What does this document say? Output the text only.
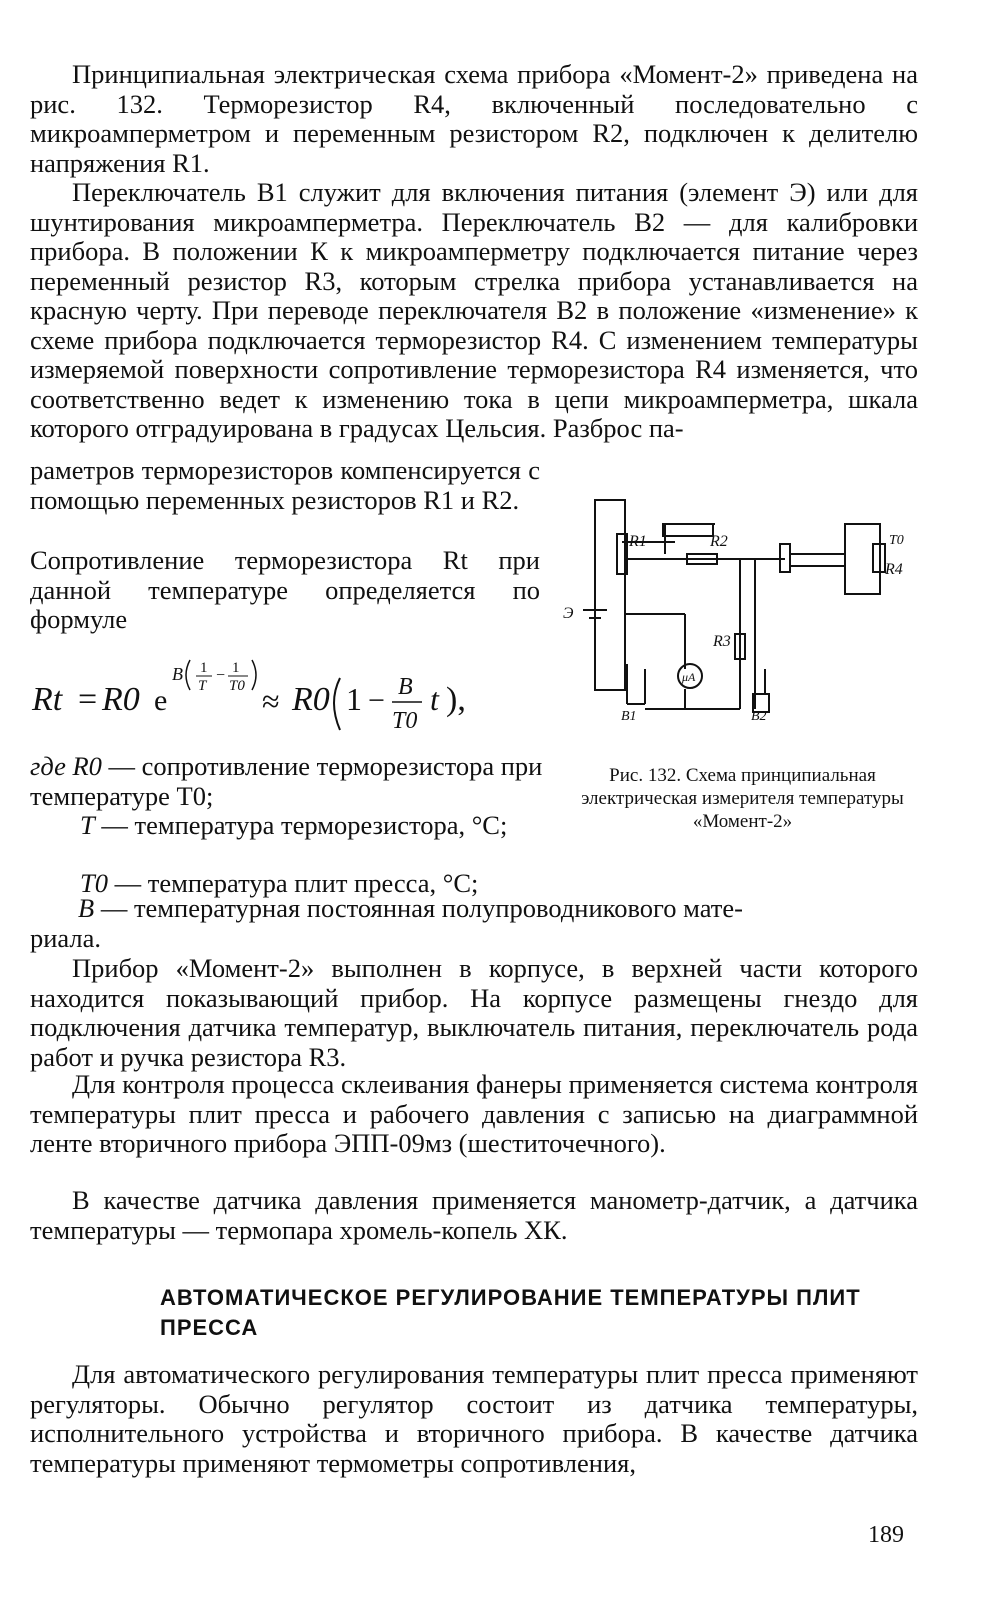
Принципиальная электрическая схема прибора «Момент-2» приведена на рис. 132. Терморезистор R4, включенный последовательно с микроамперметром и переменным резистором R2, подключен к делителю напряжения R1.

Переключатель B1 служит для включения питания (элемент Э) или для шунтирования микроамперметра. Переключатель B2 — для калибровки прибора. В положении К к микроамперметру подключается питание через переменный резистор R3, которым стрелка прибора устанавливается на красную черту. При переводе переключателя B2 в положение «изменение» к схеме прибора подключается терморезистор R4. С изменением температуры измеряемой поверхности сопротивление терморезистора R4 изменяется, что соответственно ведет к изменению тока в цепи микроамперметра, шкала которого отградуирована в градусах Цельсия. Разброс па-

раметров терморезисторов компенсируется с помощью переменных резисторов R1 и R2.

Сопротивление терморезистора Rt при данной температуре определяется по формуле

Rt = R0 e
B 1
T
− 1
T0 ≈ R0 1 − B
T0
t ),
где R0 — сопротивление терморезистора при температуре T0;
T — температура терморезистора, °С;
T0 — температура плит пресса, °С;

B — температурная постоянная полупроводникового мате-
риала.

R1	R2
R3
R4
T0
Э
B1	B2
μA

Рис. 132. Схема принципиальная электрическая измерителя температуры «Момент-2»

Прибор «Момент-2» выполнен в корпусе, в верхней части которого находится показывающий прибор. На корпусе размещены гнездо для подключения датчика температур, выключатель питания, переключатель рода работ и ручка резистора R3.

Для контроля процесса склеивания фанеры применяется система контроля температуры плит пресса и рабочего давления с записью на диаграммной ленте вторичного прибора ЭПП-09мз (шеститочечного).

В качестве датчика давления применяется манометр-датчик, а датчика температуры — термопара хромель-копель ХК.

АВТОМАТИЧЕСКОЕ РЕГУЛИРОВАНИЕ ТЕМПЕРАТУРЫ ПЛИТ ПРЕССА

Для автоматического регулирования температуры плит пресса применяют регуляторы. Обычно регулятор состоит из датчика температуры, исполнительного устройства и вторичного прибора. В качестве датчика температуры применяют термометры сопротивления,

189
